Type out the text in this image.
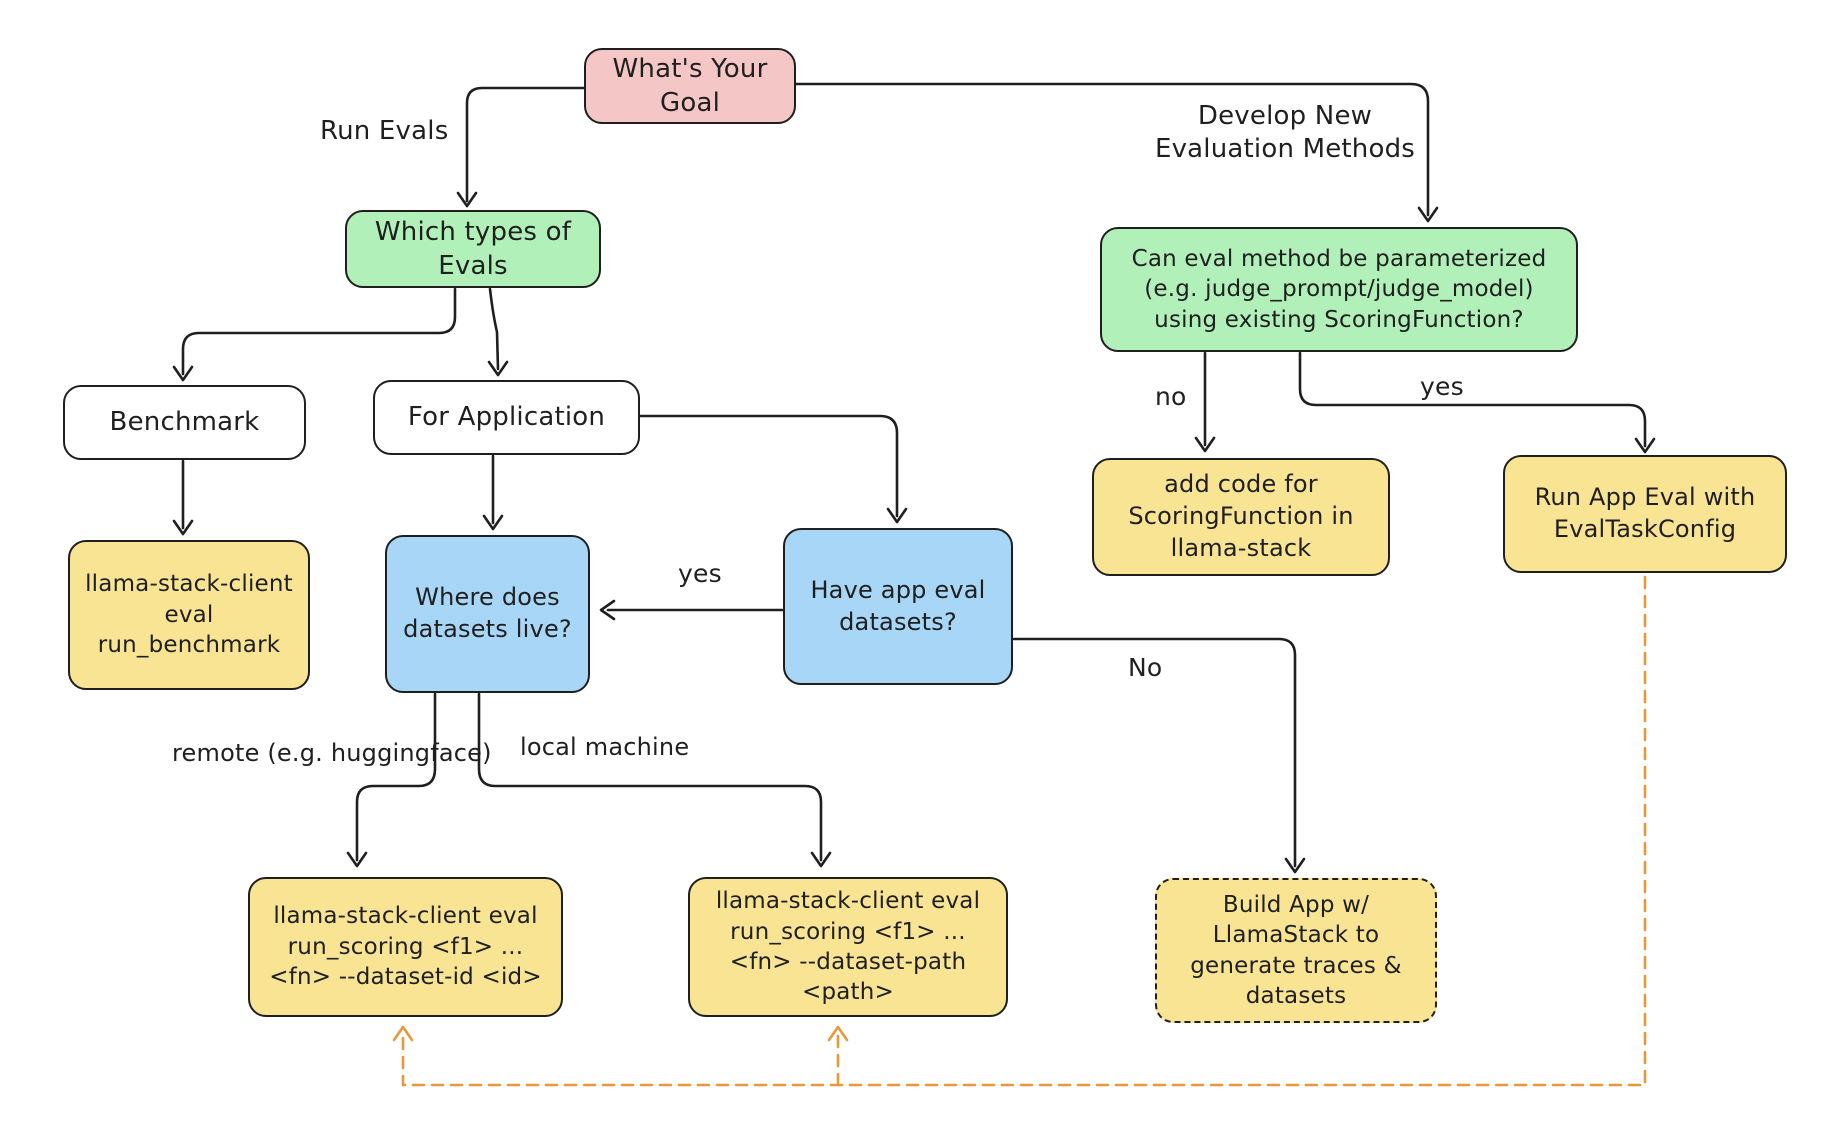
What's Your Goal
Which types of Evals	Can eval method be parameterized (e.g. judge_prompt/judge_model) using existing ScoringFunction?
Benchmark	For Application
llama-stack-client eval run_benchmark
Where does datasets live?
Have app eval datasets?
add code for ScoringFunction in llama-stack
Run App Eval with EvalTaskConfig
llama-stack-client eval run_scoring <f1> ... <fn> --dataset-id <id>
llama-stack-client eval run_scoring <f1> ... <fn> --dataset-path <path>
Build App w/ LlamaStack to generate traces & datasets
Run Evals	Develop New Evaluation Methods
no	yes
yes
No
remote (e.g. huggingface) local machine
